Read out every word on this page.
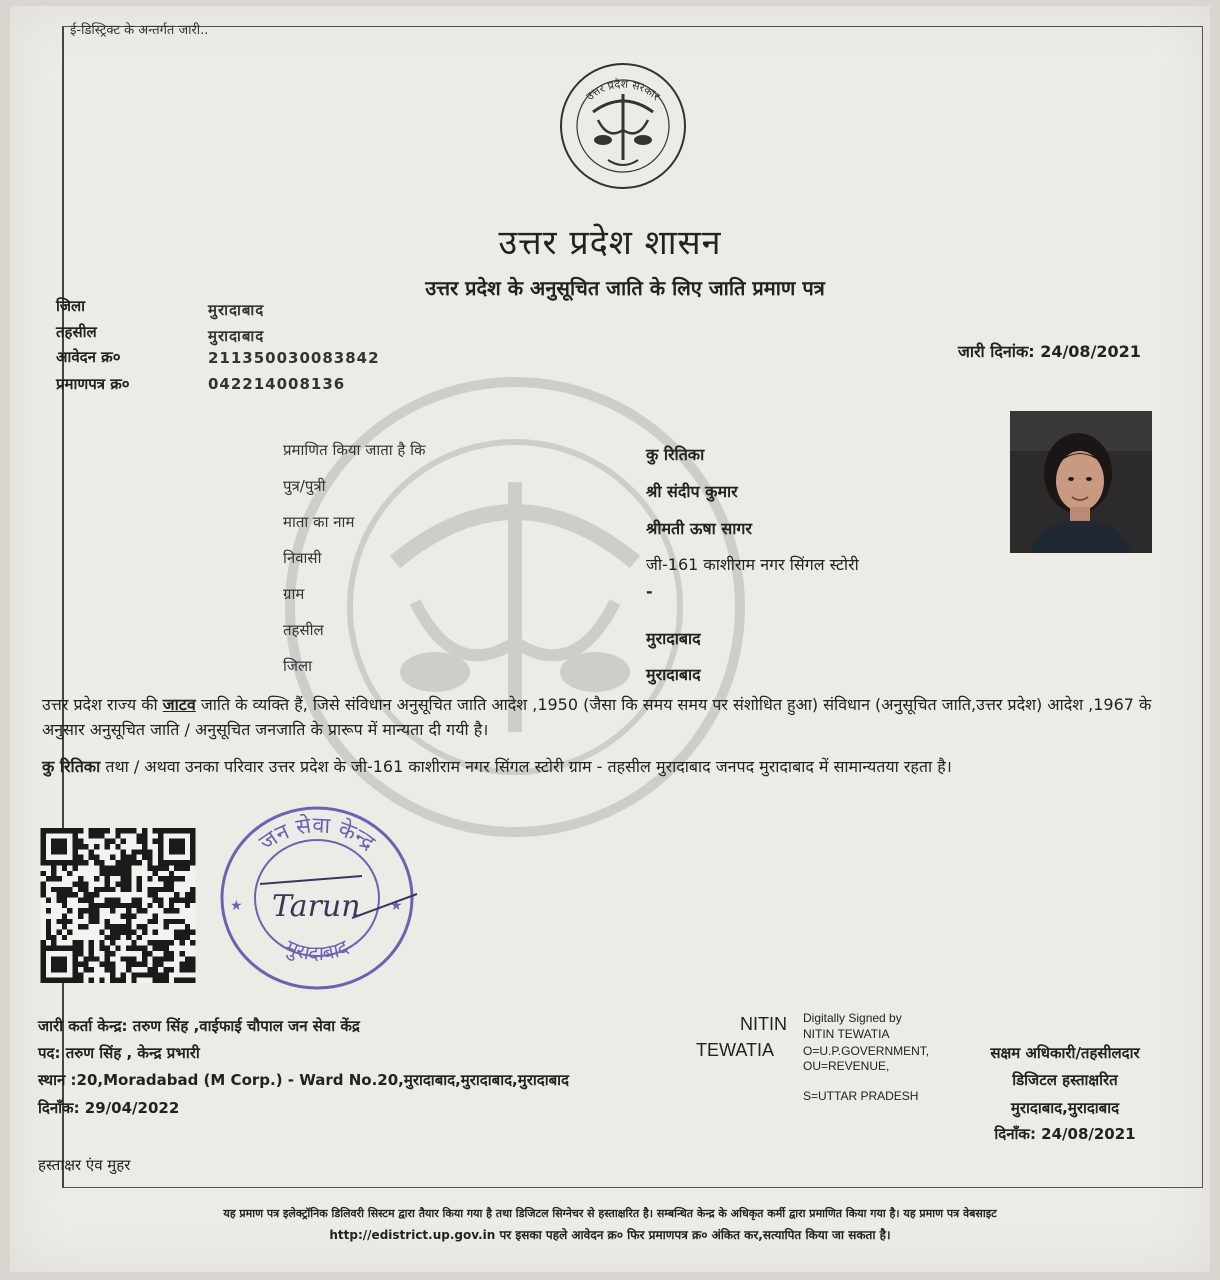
ई-डिस्ट्रिक्ट के अन्तर्गत जारी..
उत्तर प्रदेश सरकार
उत्तर प्रदेश शासन
उत्तर प्रदेश के अनुसूचित जाति के लिए जाति प्रमाण पत्र
जिला	मुरादाबाद
तहसील	मुरादाबाद
आवेदन क्र०	211350030083842
प्रमाणपत्र क्र०	042214008136
जारी दिनांक: 24/08/2021
प्रमाणित किया जाता है कि	कु रितिका
पुत्र/पुत्री	श्री संदीप कुमार
माता का नाम	श्रीमती ऊषा सागर
निवासी	जी-161 काशीराम नगर सिंगल स्टोरी
ग्राम	-
तहसील	मुरादाबाद
जिला	मुरादाबाद
उत्तर प्रदेश राज्य की जाटव जाति के व्यक्ति हैं, जिसे संविधान अनुसूचित जाति आदेश ,1950 (जैसा कि समय समय पर संशोधित हुआ) संविधान (अनुसूचित जाति,उत्तर प्रदेश) आदेश ,1967 के अनुसार अनुसूचित जाति / अनुसूचित जनजाति के प्रारूप में मान्यता दी गयी है।
कु रितिका तथा / अथवा उनका परिवार उत्तर प्रदेश के जी-161 काशीराम नगर सिंगल स्टोरी ग्राम - तहसील मुरादाबाद जनपद मुरादाबाद में सामान्यतया रहता है।
जन सेवा केन्द्र
मुरादाबाद
★	★
Tarun
जारी कर्ता केन्द्र: तरुण सिंह ,वाईफाई चौपाल जन सेवा केंद्र
पद: तरुण सिंह , केन्द्र प्रभारी
स्थान :20,Moradabad (M Corp.) - Ward No.20,मुरादाबाद,मुरादाबाद,मुरादाबाद
दिनाँक: 29/04/2022
हस्ताक्षर एंव मुहर
NITIN
TEWATIA
Digitally Signed by
NITIN TEWATIA
O=U.P.GOVERNMENT,
OU=REVENUE,
S=UTTAR PRADESH
सक्षम अधिकारी/तहसीलदार
डिजिटल हस्ताक्षरित
मुरादाबाद,मुरादाबाद
दिनाँक: 24/08/2021
यह प्रमाण पत्र इलेक्ट्रॉनिक डिलिवरी सिस्टम द्वारा तैयार किया गया है तथा डिजिटल सिग्नेचर से हस्ताक्षरित है। सम्बन्धित केन्द्र के अधिकृत कर्मी द्वारा प्रमाणित किया गया है। यह प्रमाण पत्र वेबसाइट
http://edistrict.up.gov.in पर इसका पहले आवेदन क्र० फिर प्रमाणपत्र क्र० अंकित कर,सत्यापित किया जा सकता है।
